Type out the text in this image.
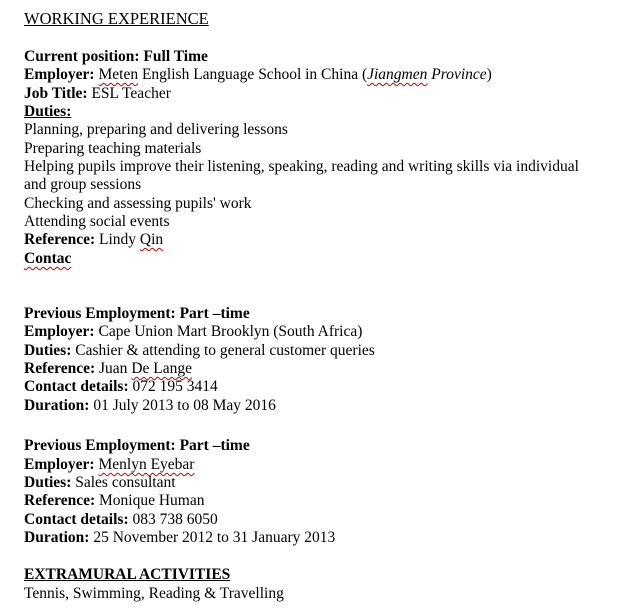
WORKING EXPERIENCE
Current position: Full Time
Employer: Meten English Language School in China (Jiangmen Province)
Job Title: ESL Teacher
Duties:
Planning, preparing and delivering lessons
Preparing teaching materials
Helping pupils improve their listening, speaking, reading and writing skills via individual
and group sessions
Checking and assessing pupils' work
Attending social events
Reference: Lindy Qin
Contac
Previous Employment: Part –time
Employer: Cape Union Mart Brooklyn (South Africa)
Duties: Cashier & attending to general customer queries
Reference: Juan De Lange
Contact details: 072 195 3414
Duration: 01 July 2013 to 08 May 2016
Previous Employment: Part –time
Employer: Menlyn Eyebar
Duties: Sales consultant
Reference: Monique Human
Contact details: 083 738 6050
Duration: 25 November 2012 to 31 January 2013
EXTRAMURAL ACTIVITIES
Tennis, Swimming, Reading & Travelling
